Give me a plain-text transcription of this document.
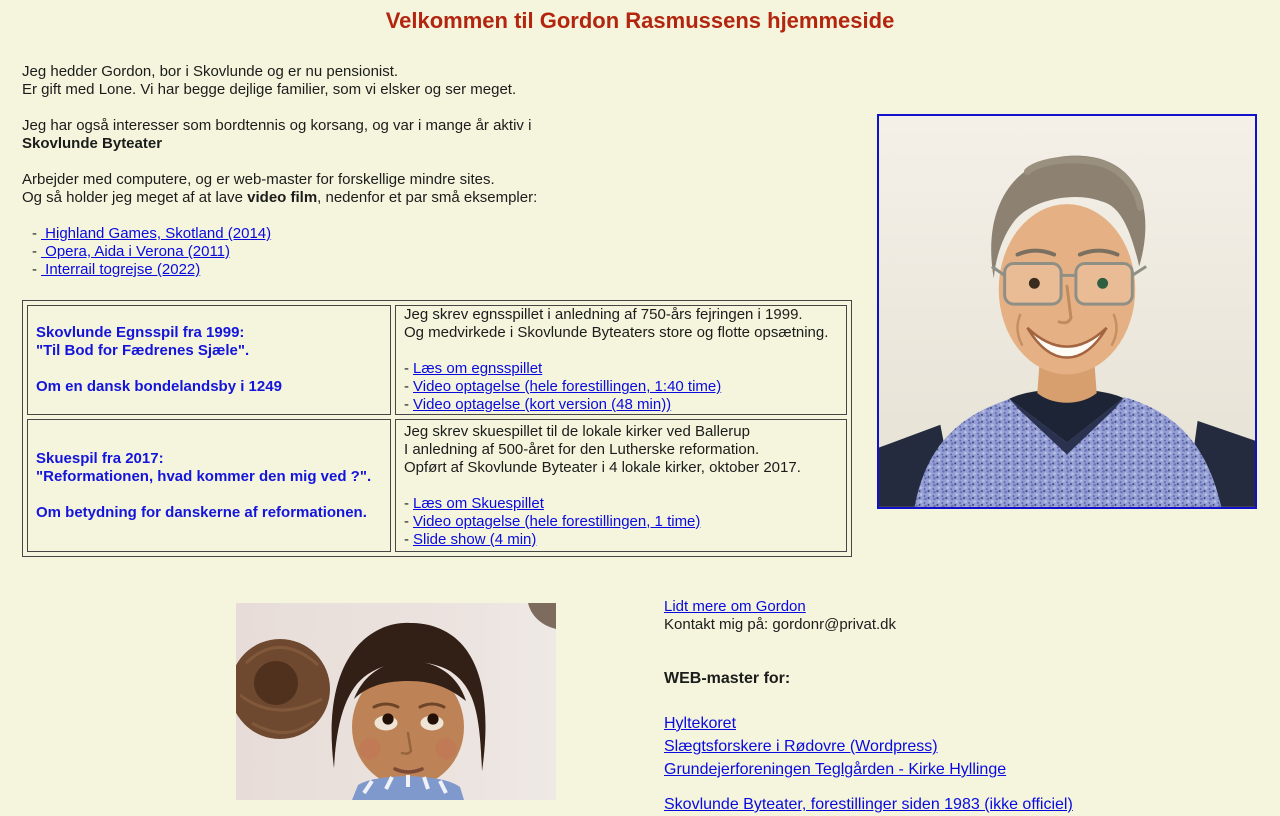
Velkommen til Gordon Rasmussens hjemmeside
Jeg hedder Gordon, bor i Skovlunde og er nu pensionist.
Er gift med Lone. Vi har begge dejlige familier, som vi elsker og ser meget.
Jeg har også interesser som bordtennis og korsang, og var i mange år aktiv i
Skovlunde Byteater
Arbejder med computere, og er web-master for forskellige mindre sites.
Og så holder jeg meget af at lave video film, nedenfor et par små eksempler:
- Highland Games, Skotland (2014)
- Opera, Aida i Verona (2011)
- Interrail togrejse (2022)
Skovlunde Egnsspil fra 1999:
"Til Bod for Fædrenes Sjæle".
Om en dansk bondelandsby i 1249
Jeg skrev egnsspillet i anledning af 750-års fejringen i 1999.
Og medvirkede i Skovlunde Byteaters store og flotte opsætning.
- Læs om egnsspillet
- Video optagelse (hele forestillingen, 1:40 time)
- Video optagelse (kort version (48 min))
Skuespil fra 2017:
"Reformationen, hvad kommer den mig ved ?".
Om betydning for danskerne af reformationen.
Jeg skrev skuespillet til de lokale kirker ved Ballerup
I anledning af 500-året for den Lutherske reformation.
Opført af Skovlunde Byteater i 4 lokale kirker, oktober 2017.
- Læs om Skuespillet
- Video optagelse (hele forestillingen, 1 time)
- Slide show (4 min)
Lidt mere om Gordon
Kontakt mig på: gordonr@privat.dk
WEB-master for:
Hyltekoret
Slægtsforskere i Rødovre (Wordpress)
Grundejerforeningen Teglgården - Kirke Hyllinge
Skovlunde Byteater, forestillinger siden 1983 (ikke officiel)
